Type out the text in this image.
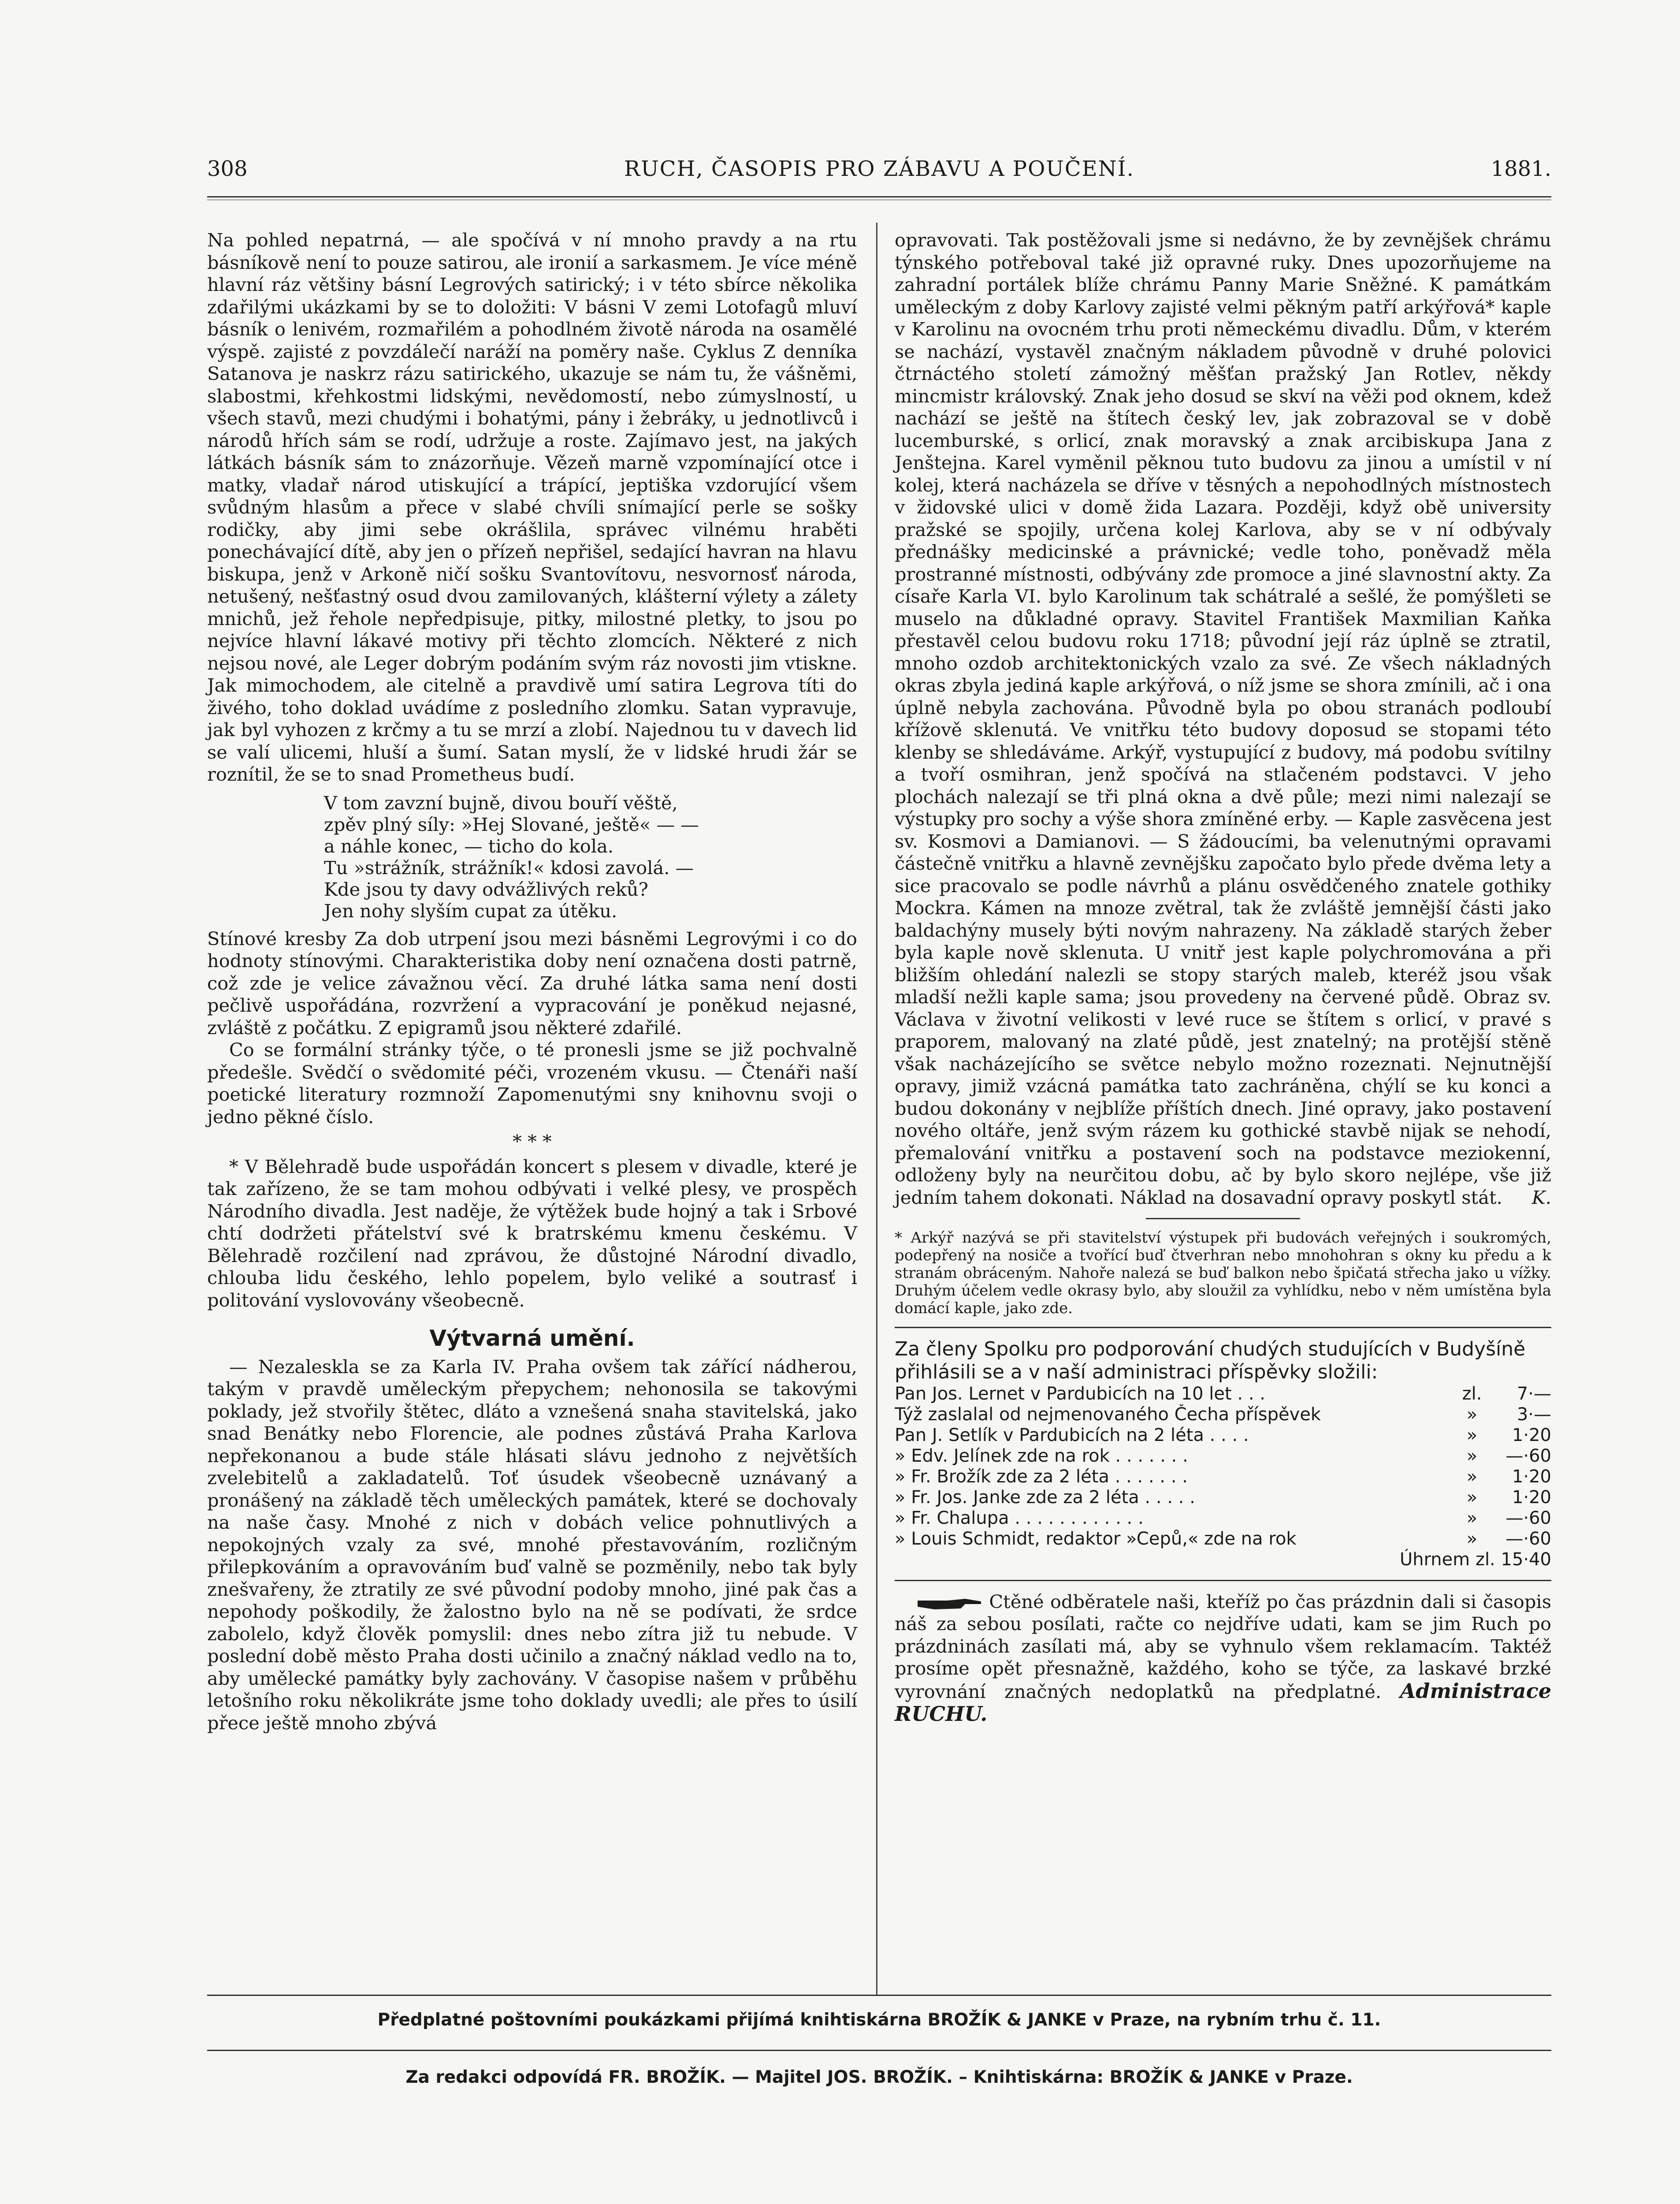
308	RUCH, ČASOPIS PRO ZÁBAVU A POUČENÍ.	1881.

Na pohled nepatrná, — ale spočívá v ní mnoho pravdy a na rtu básníkově není to pouze satirou, ale ironií a sarkasmem. Je více méně hlavní ráz většiny básní Legrových satirický; i v této sbírce několika zdařilými ukázkami by se to doložiti: V básni V zemi Lotofagů mluví básník o lenivém, rozmařilém a pohodlném životě národa na osamělé výspě. zajisté z povzdálečí naráží na poměry naše. Cyklus Z denníka Satanova je naskrz rázu satirického, ukazuje se nám tu, že vášněmi, slabostmi, křehkostmi lidskými, nevědomostí, nebo zúmyslností, u všech stavů, mezi chudými i bohatými, pány i žebráky, u jednotlivců i národů hřích sám se rodí, udržuje a roste. Zajímavo jest, na jakých látkách básník sám to znázorňuje. Vězeň marně vzpomínající otce i matky, vladař národ utiskující a trápící, jeptiška vzdorující všem svůdným hlasům a přece v slabé chvíli snímající perle se sošky rodičky, aby jimi sebe okrášlila, správec vilnému hraběti ponechávající dítě, aby jen o přízeň nepřišel, sedající havran na hlavu biskupa, jenž v Arkoně ničí sošku Svantovítovu, nesvornosť národa, netušený, nešťastný osud dvou zamilovaných, klášterní výlety a zálety mnichů, jež řehole nepředpisuje, pitky, milostné pletky, to jsou po nejvíce hlavní lákavé motivy při těchto zlomcích. Některé z nich nejsou nové, ale Leger dobrým podáním svým ráz novosti jim vtiskne. Jak mimochodem, ale citelně a pravdivě umí satira Legrova títi do živého, toho doklad uvádíme z posledního zlomku. Satan vypravuje, jak byl vyhozen z krčmy a tu se mrzí a zlobí. Najednou tu v davech lid se valí ulicemi, hluší a šumí. Satan myslí, že v lidské hrudi žár se roznítil, že se to snad Prometheus budí.

V tom zavzní bujně, divou bouří věště,
zpěv plný síly: »Hej Slované, ještě« — —
a náhle konec, — ticho do kola.
Tu »strážník, strážník!« kdosi zavolá. —
Kde jsou ty davy odvážlivých reků?
Jen nohy slyším cupat za útěku.

Stínové kresby Za dob utrpení jsou mezi básněmi Legrovými i co do hodnoty stínovými. Charakteristika doby není označena dosti patrně, což zde je velice závažnou věcí. Za druhé látka sama není dosti pečlivě uspořádána, rozvržení a vypracování je poněkud nejasné, zvláště z počátku. Z epigramů jsou některé zdařilé.

Co se formální stránky týče, o té pronesli jsme se již pochvalně předešle. Svědčí o svědomité péči, vrozeném vkusu. — Čtenáři naší poetické literatury rozmnoží Zapomenutými sny knihovnu svoji o jedno pěkné číslo.

* * *

* V Bělehradě bude uspořádán koncert s plesem v divadle, které je tak zařízeno, že se tam mohou odbývati i velké plesy, ve prospěch Národního divadla. Jest naděje, že výtěžek bude hojný a tak i Srbové chtí dodržeti přátelství své k bratrskému kmenu českému. V Bělehradě rozčilení nad zprávou, že důstojné Národní divadlo, chlouba lidu českého, lehlo popelem, bylo veliké a soutrasť i politování vyslovovány všeobecně.

Výtvarná umění.

— Nezaleskla se za Karla IV. Praha ovšem tak zářící nádherou, takým v pravdě uměleckým přepychem; nehonosila se takovými poklady, jež stvořily štětec, dláto a vznešená snaha stavitelská, jako snad Benátky nebo Florencie, ale podnes zůstává Praha Karlova nepřekonanou a bude stále hlásati slávu jednoho z největších zvelebitelů a zakladatelů. Toť úsudek všeobecně uznávaný a pronášený na základě těch uměleckých památek, které se dochovaly na naše časy. Mnohé z nich v dobách velice pohnutlivých a nepokojných vzaly za své, mnohé přestavováním, rozličným přilepkováním a opravováním buď valně se pozměnily, nebo tak byly znešvařeny, že ztratily ze své původní podoby mnoho, jiné pak čas a nepohody poškodily, že žalostno bylo na ně se podívati, že srdce zabolelo, když člověk pomyslil: dnes nebo zítra již tu nebude. V poslední době město Praha dosti učinilo a značný náklad vedlo na to, aby umělecké památky byly zachovány. V časopise našem v průběhu letošního roku několikráte jsme toho doklady uvedli; ale přes to úsilí přece ještě mnoho zbývá

opravovati. Tak postěžovali jsme si nedávno, že by zevnějšek chrámu týnského potřeboval také již opravné ruky. Dnes upozorňujeme na zahradní portálek blíže chrámu Panny Marie Sněžné. K památkám uměleckým z doby Karlovy zajisté velmi pěkným patří arkýřová* kaple v Karolinu na ovocném trhu proti německému divadlu. Dům, v kterém se nachází, vystavěl značným nákladem původně v druhé polovici čtrnáctého století zámožný měšťan pražský Jan Rotlev, někdy mincmistr královský. Znak jeho dosud se skví na věži pod oknem, kdež nachází se ještě na štítech český lev, jak zobrazoval se v době lucemburské, s orlicí, znak moravský a znak arcibiskupa Jana z Jenštejna. Karel vyměnil pěknou tuto budovu za jinou a umístil v ní kolej, která nacházela se dříve v těsných a nepohodlných místnostech v židovské ulici v domě žida Lazara. Později, když obě university pražské se spojily, určena kolej Karlova, aby se v ní odbývaly přednášky medicinské a právnické; vedle toho, poněvadž měla prostranné místnosti, odbývány zde promoce a jiné slavnostní akty. Za císaře Karla VI. bylo Karolinum tak schátralé a sešlé, že pomýšleti se muselo na důkladné opravy. Stavitel František Maxmilian Kaňka přestavěl celou budovu roku 1718; původní její ráz úplně se ztratil, mnoho ozdob architektonických vzalo za své. Ze všech nákladných okras zbyla jediná kaple arkýřová, o níž jsme se shora zmínili, ač i ona úplně nebyla zachována. Původně byla po obou stranách podloubí křížově sklenutá. Ve vnitřku této budovy doposud se stopami této klenby se shledáváme. Arkýř, vystupující z budovy, má podobu svítilny a tvoří osmihran, jenž spočívá na stlačeném podstavci. V jeho plochách nalezají se tři plná okna a dvě půle; mezi nimi nalezají se výstupky pro sochy a výše shora zmíněné erby. — Kaple zasvěcena jest sv. Kosmovi a Damianovi. — S žádoucími, ba velenutnými opravami částečně vnitřku a hlavně zevnějšku započato bylo přede dvěma lety a sice pracovalo se podle návrhů a plánu osvědčeného znatele gothiky Mockra. Kámen na mnoze zvětral, tak že zvláště jemnější části jako baldachýny musely býti novým nahrazeny. Na základě starých žeber byla kaple nově sklenuta. U vnitř jest kaple polychromována a při bližším ohledání nalezli se stopy starých maleb, kteréž jsou však mladší nežli kaple sama; jsou provedeny na červené půdě. Obraz sv. Václava v životní velikosti v levé ruce se štítem s orlicí, v pravé s praporem, malovaný na zlaté půdě, jest znatelný; na protější stěně však nacházejícího se světce nebylo možno rozeznati. Nejnutnější opravy, jimiž vzácná památka tato zachráněna, chýlí se ku konci a budou dokonány v nejblíže příštích dnech. Jiné opravy, jako postavení nového oltáře, jenž svým rázem ku gothické stavbě nijak se nehodí, přemalování vnitřku a postavení soch na podstavce meziokenní, odloženy byly na neurčitou dobu, ač by bylo skoro nejlépe, vše již jedním tahem dokonati. Náklad na dosavadní opravy poskytl stát.	K.

* Arkýř nazývá se při stavitelství výstupek při budovách veřejných i soukromých, podepřený na nosiče a tvořící buď čtverhran nebo mnohohran s okny ku předu a k stranám obráceným. Nahoře nalezá se buď balkon nebo špičatá střecha jako u vížky. Druhým účelem vedle okrasy bylo, aby sloužil za vyhlídku, nebo v něm umístěna byla domácí kaple, jako zde.

Za členy Spolku pro podporování chudých studujících v Budyšíně přihlásili se a v naší administraci příspěvky složili:

Pan Jos. Lernet v Pardubicích na 10 let . . .	zl.	7·—
Týž zaslalal od nejmenovaného Čecha příspěvek	»	3·—
Pan J. Setlík v Pardubicích na 2 léta . . . .	»	1·20
» Edv. Jelínek zde na rok . . . . . . .	»	—·60
» Fr. Brožík zde za 2 léta . . . . . . .	»	1·20
» Fr. Jos. Janke zde za 2 léta . . . . .	»	1·20
» Fr. Chalupa . . . . . . . . . . . .	»	—·60
» Louis Schmidt, redaktor »Cepů,« zde na rok	»	—·60

Úhrnem zl. 15·40

Ctěné odběratele naši, kteříž po čas prázdnin dali si časopis náš za sebou posílati, račte co nejdříve udati, kam se jim Ruch po prázdninách zasílati má, aby se vyhnulo všem reklamacím. Taktéž prosíme opět přesnažně, každého, koho se týče, za laskavé brzké vyrovnání značných nedoplatků na předplatné. Administrace RUCHU.

Předplatné poštovními poukázkami přijímá knihtiskárna BROŽÍK & JANKE v Praze, na rybním trhu č. 11.
Za redakci odpovídá FR. BROŽÍK. — Majitel JOS. BROŽÍK. – Knihtiskárna: BROŽÍK & JANKE v Praze.
